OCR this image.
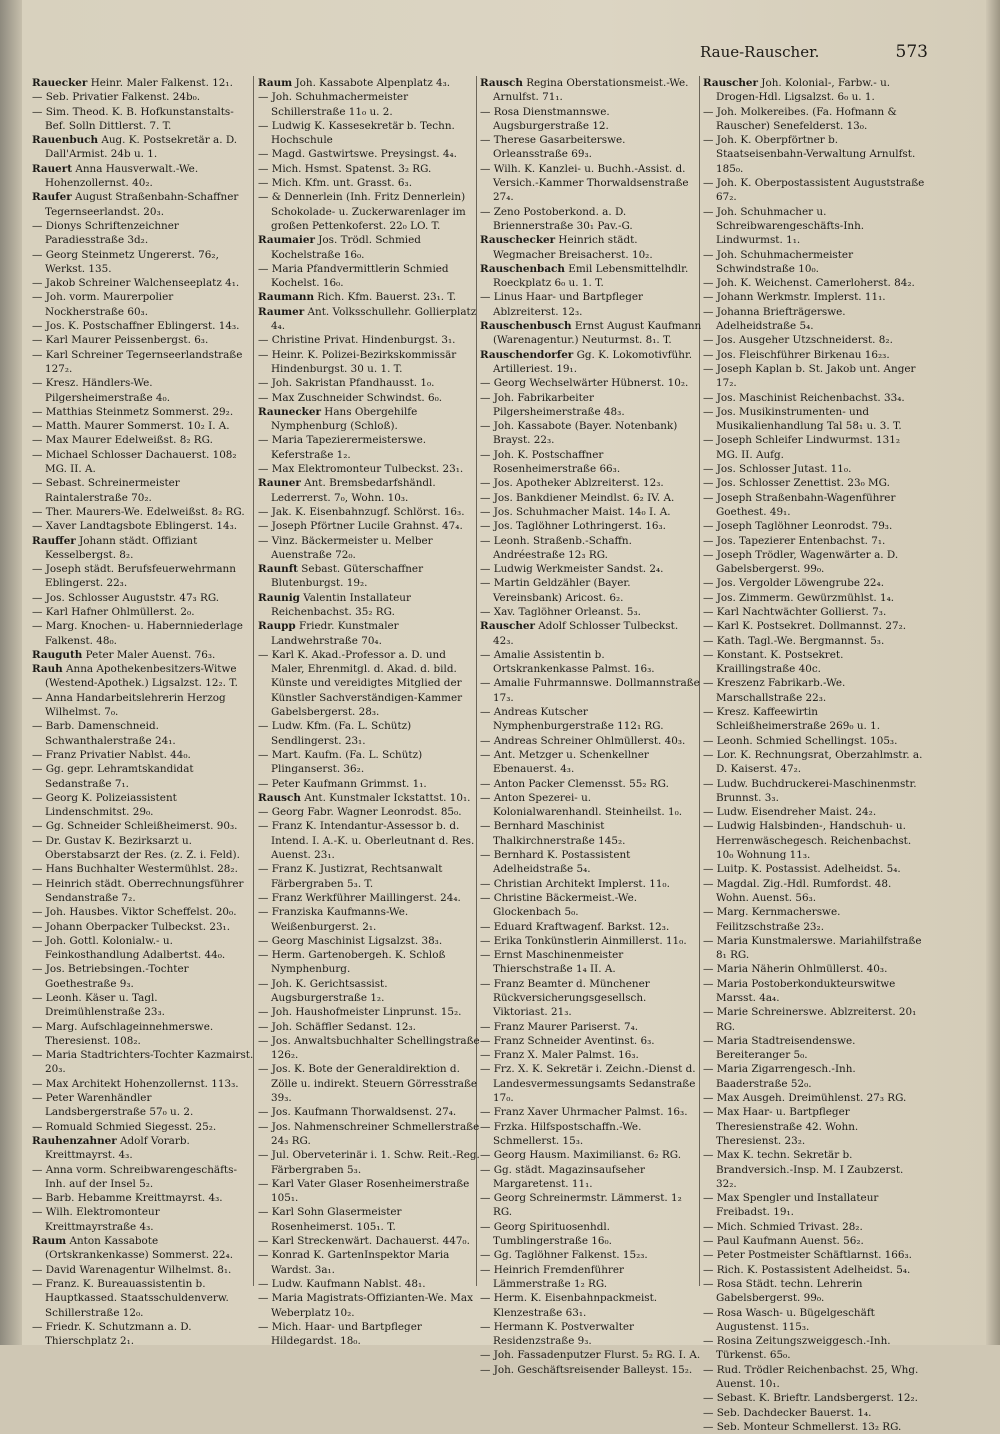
Raue-Rauscher.	573
Rauecker Heinr. Maler Falkenst. 12₁.
— Seb. Privatier Falkenst. 24b₀.
— Sim. Theod. K. B. Hofkunstanstalts-Bef. Solln Dittlerst. 7. T.
Rauenbuch Aug. K. Postsekretär a. D. Dall'Armist. 24b u. 1.
Rauert Anna Hausverwalt.-We. Hohenzollernst. 40₂.
Raufer August Straßenbahn-Schaffner Tegernseerlandst. 20₃.
— Dionys Schriftenzeichner Paradiesstraße 3d₂.
— Georg Steinmetz Ungererst. 76₂, Werkst. 135.
— Jakob Schreiner Walchenseeplatz 4₁.
— Joh. vorm. Maurerpolier Nockherstraße 60₃.
— Jos. K. Postschaffner Eblingerst. 14₃.
— Karl Maurer Peissenbergst. 6₃.
— Karl Schreiner Tegernseerlandstraße 127₂.
— Kresz. Händlers-We. Pilgersheimerstraße 4₀.
— Matthias Steinmetz Sommerst. 29₂.
— Matth. Maurer Sommerst. 10₂ I. A.
— Max Maurer Edelweißst. 8₂ RG.
— Michael Schlosser Dachauerst. 108₂ MG. II. A.
— Sebast. Schreinermeister Raintalerstraße 70₂.
— Ther. Maurers-We. Edelweißst. 8₂ RG.
— Xaver Landtagsbote Eblingerst. 14₃.
Rauffer Johann städt. Offiziant Kesselbergst. 8₂.
— Joseph städt. Berufsfeuerwehrmann Eblingerst. 22₃.
— Jos. Schlosser Auguststr. 47₃ RG.
— Karl Hafner Ohlmüllerst. 2₀.
— Marg. Knochen- u. Habernniederlage Falkenst. 48₀.
Rauguth Peter Maler Auenst. 76₃.
Rauh Anna Apothekenbesitzers-Witwe (Westend-Apothek.) Ligsalzst. 12₂. T.
— Anna Handarbeitslehrerin Herzog Wilhelmst. 7₀.
— Barb. Damenschneid. Schwanthalerstraße 24₁.
— Franz Privatier Nablst. 44₀.
— Gg. gepr. Lehramtskandidat Sedanstraße 7₁.
— Georg K. Polizeiassistent Lindenschmitst. 29₀.
— Gg. Schneider Schleißheimerst. 90₃.
— Dr. Gustav K. Bezirksarzt u. Oberstabsarzt der Res. (z. Z. i. Feld).
— Hans Buchhalter Westermühlst. 28₂.
— Heinrich städt. Oberrechnungsführer Sendanstraße 7₂.
— Joh. Hausbes. Viktor Scheffelst. 20₀.
— Johann Oberpacker Tulbeckst. 23₁.
— Joh. Gottl. Kolonialw.- u. Feinkosthandlung Adalbertst. 44₀.
— Jos. Betriebsingen.-Tochter Goethestraße 9₃.
— Leonh. Käser u. Tagl. Dreimühlenstraße 23₃.
— Marg. Aufschlageinnehmerswe. Theresienst. 108₂.
— Maria Stadtrichters-Tochter Kazmairst. 20₃.
— Max Architekt Hohenzollernst. 113₃.
— Peter Warenhändler Landsbergerstraße 57₀ u. 2.
— Romuald Schmied Siegesst. 25₂.
Rauhenzahner Adolf Vorarb. Kreittmayrst. 4₃.
— Anna vorm. Schreibwarengeschäfts-Inh. auf der Insel 5₂.
— Barb. Hebamme Kreittmayrst. 4₃.
— Wilh. Elektromonteur Kreittmayrstraße 4₃.
Raum Anton Kassabote (Ortskrankenkasse) Sommerst. 22₄.
— David Warenagentur Wilhelmst. 8₁.
— Franz. K. Bureauassistentin b. Hauptkassed. Staatsschuldenverw. Schillerstraße 12₀.
— Friedr. K. Schutzmann a. D. Thierschplatz 2₁.
Raum Joh. Kassabote Alpenplatz 4₃.
— Joh. Schuhmachermeister Schillerstraße 11₀ u. 2.
— Ludwig K. Kassesekretär b. Techn. Hochschule
— Magd. Gastwirtswe. Preysingst. 4₄.
— Mich. Hsmst. Spatenst. 3₂ RG.
— Mich. Kfm. unt. Grasst. 6₃.
— & Dennerlein (Inh. Fritz Dennerlein) Schokolade- u. Zuckerwarenlager im großen Pettenkoferst. 22₀ LO. T.
Raumaier Jos. Trödl. Schmied Kochelstraße 16₀.
— Maria Pfandvermittlerin Schmied Kochelst. 16₀.
Raumann Rich. Kfm. Bauerst. 23₁. T.
Raumer Ant. Volksschullehr. Gollierplatz 4₄.
— Christine Privat. Hindenburgst. 3₁.
— Heinr. K. Polizei-Bezirkskommissär Hindenburgst. 30 u. 1. T.
— Joh. Sakristan Pfandhausst. 1₀.
— Max Zuschneider Schwindst. 6₀.
Raunecker Hans Obergehilfe Nymphenburg (Schloß).
— Maria Tapezierermeisterswe. Keferstraße 1₂.
— Max Elektromonteur Tulbeckst. 23₁.
Rauner Ant. Bremsbedarfshändl. Lederrerst. 7₀, Wohn. 10₃.
— Jak. K. Eisenbahnzugf. Schlörst. 16₃.
— Joseph Pförtner Lucile Grahnst. 47₄.
— Vinz. Bäckermeister u. Melber Auenstraße 72₀.
Raunft Sebast. Güterschaffner Blutenburgst. 19₂.
Raunig Valentin Installateur Reichenbachst. 35₂ RG.
Raupp Friedr. Kunstmaler Landwehrstraße 70₄.
— Karl K. Akad.-Professor a. D. und Maler, Ehrenmitgl. d. Akad. d. bild. Künste und vereidigtes Mitglied der Künstler Sachverständigen-Kammer Gabelsbergerst. 28₃.
— Ludw. Kfm. (Fa. L. Schütz) Sendlingerst. 23₁.
— Mart. Kaufm. (Fa. L. Schütz) Plinganserst. 36₂.
— Peter Kaufmann Grimmst. 1₁.
Rausch Ant. Kunstmaler Ickstattst. 10₁.
— Georg Fabr. Wagner Leonrodst. 85₀.
— Franz K. Intendantur-Assessor b. d. Intend. I. A.-K. u. Oberleutnant d. Res. Auenst. 23₁.
— Franz K. Justizrat, Rechtsanwalt Färbergraben 5₃. T.
— Franz Werkführer Maillingerst. 24₄.
— Franziska Kaufmanns-We. Weißenburgerst. 2₁.
— Georg Maschinist Ligsalzst. 38₃.
— Herm. Gartenobergeh. K. Schloß Nymphenburg.
— Joh. K. Gerichtsassist. Augsburgerstraße 1₂.
— Joh. Haushofmeister Linprunst. 15₂.
— Joh. Schäffler Sedanst. 12₃.
— Jos. Anwaltsbuchhalter Schellingstraße 126₂.
— Jos. K. Bote der Generaldirektion d. Zölle u. indirekt. Steuern Görresstraße 39₃.
— Jos. Kaufmann Thorwaldsenst. 27₄.
— Jos. Nahmenschreiner Schmellerstraße 24₃ RG.
— Jul. Oberveterinär i. 1. Schw. Reit.-Reg. Färbergraben 5₃.
— Karl Vater Glaser Rosenheimerstraße 105₁.
— Karl Sohn Glasermeister Rosenheimerst. 105₁. T.
— Karl Streckenwärt. Dachauerst. 447₀.
— Konrad K. GartenInspektor Maria Wardst. 3a₁.
— Ludw. Kaufmann Nablst. 48₁.
— Maria Magistrats-Offizianten-We. Max Weberplatz 10₂.
— Mich. Haar- und Bartpfleger Hildegardst. 18₀.
Rausch Regina Oberstationsmeist.-We. Arnulfst. 71₁.
— Rosa Dienstmannswe. Augsburgerstraße 12.
— Therese Gasarbeiterswe. Orleansstraße 69₃.
— Wilh. K. Kanzlei- u. Buchh.-Assist. d. Versich.-Kammer Thorwaldsenstraße 27₄.
— Zeno Postoberkond. a. D. Briennerstraße 30₁ Pav.-G.
Rauschecker Heinrich städt. Wegmacher Breisacherst. 10₂.
Rauschenbach Emil Lebensmittelhdlr. Roeckplatz 6₀ u. 1. T.
— Linus Haar- und Bartpfleger Ablzreiterst. 12₃.
Rauschenbusch Ernst August Kaufmann (Warenagentur.) Neuturmst. 8₁. T.
Rauschendorfer Gg. K. Lokomotivführ. Artilleriest. 19₁.
— Georg Wechselwärter Hübnerst. 10₂.
— Joh. Fabrikarbeiter Pilgersheimerstraße 48₃.
— Joh. Kassabote (Bayer. Notenbank) Brayst. 22₃.
— Joh. K. Postschaffner Rosenheimerstraße 66₃.
— Jos. Apotheker Ablzreiterst. 12₃.
— Jos. Bankdiener Meindlst. 6₂ IV. A.
— Jos. Schuhmacher Maist. 14₀ I. A.
— Jos. Taglöhner Lothringerst. 16₃.
— Leonh. Straßenb.-Schaffn. Andréestraße 12₃ RG.
— Ludwig Werkmeister Sandst. 2₄.
— Martin Geldzähler (Bayer. Vereinsbank) Aricost. 6₂.
— Xav. Taglöhner Orleanst. 5₃.
Rauscher Adolf Schlosser Tulbeckst. 42₃.
— Amalie Assistentin b. Ortskrankenkasse Palmst. 16₃.
— Amalie Fuhrmannswe. Dollmannstraße 17₃.
— Andreas Kutscher Nymphenburgerstraße 112₁ RG.
— Andreas Schreiner Ohlmüllerst. 40₃.
— Ant. Metzger u. Schenkellner Ebenauerst. 4₃.
— Anton Packer Clemensst. 55₂ RG.
— Anton Spezerei- u. Kolonialwarenhandl. Steinheilst. 1₀.
— Bernhard Maschinist Thalkirchnerstraße 145₂.
— Bernhard K. Postassistent Adelheidstraße 5₄.
— Christian Architekt Implerst. 11₀.
— Christine Bäckermeist.-We. Glockenbach 5₀.
— Eduard Kraftwagenf. Barkst. 12₃.
— Erika Tonkünstlerin Ainmillerst. 11₀.
— Ernst Maschinenmeister Thierschstraße 1₄ II. A.
— Franz Beamter d. Münchener Rückversicherungsgesellsch. Viktoriast. 21₃.
— Franz Maurer Pariserst. 7₄.
— Franz Schneider Aventinst. 6₃.
— Franz X. Maler Palmst. 16₃.
— Frz. X. K. Sekretär i. Zeichn.-Dienst d. Landesvermessungsamts Sedanstraße 17₀.
— Franz Xaver Uhrmacher Palmst. 16₃.
— Frzka. Hilfspostschaffn.-We. Schmellerst. 15₃.
— Georg Hausm. Maximilianst. 6₂ RG.
— Gg. städt. Magazinsaufseher Margaretenst. 11₁.
— Georg Schreinermstr. Lämmerst. 1₂ RG.
— Georg Spirituosenhdl. Tumblingerstraße 16₀.
— Gg. Taglöhner Falkenst. 15₂₃.
— Heinrich Fremdenführer Lämmerstraße 1₂ RG.
— Herm. K. Eisenbahnpackmeist. Klenzestraße 63₁.
— Hermann K. Postverwalter Residenzstraße 9₃.
— Joh. Fassadenputzer Flurst. 5₂ RG. I. A.
— Joh. Geschäftsreisender Balleyst. 15₂.
Rauscher Joh. Kolonial-, Farbw.- u. Drogen-Hdl. Ligsalzst. 6₀ u. 1.
— Joh. Molkereibes. (Fa. Hofmann & Rauscher) Senefelderst. 13₀.
— Joh. K. Oberpförtner b. Staatseisenbahn-Verwaltung Arnulfst. 185₀.
— Joh. K. Oberpostassistent Auguststraße 67₂.
— Joh. Schuhmacher u. Schreibwarengeschäfts-Inh. Lindwurmst. 1₁.
— Joh. Schuhmachermeister Schwindstraße 10₀.
— Joh. K. Weichenst. Camerloherst. 84₂.
— Johann Werkmstr. Implerst. 11₁.
— Johanna Briefträgerswe. Adelheidstraße 5₄.
— Jos. Ausgeher Utzschneiderst. 8₂.
— Jos. Fleischführer Birkenau 16₂₃.
— Joseph Kaplan b. St. Jakob unt. Anger 17₂.
— Jos. Maschinist Reichenbachst. 33₄.
— Jos. Musikinstrumenten- und Musikalienhandlung Tal 58₁ u. 3. T.
— Joseph Schleifer Lindwurmst. 131₂ MG. II. Aufg.
— Jos. Schlosser Jutast. 11₀.
— Jos. Schlosser Zenettist. 23₀ MG.
— Joseph Straßenbahn-Wagenführer Goethest. 49₁.
— Joseph Taglöhner Leonrodst. 79₃.
— Jos. Tapezierer Entenbachst. 7₁.
— Joseph Trödler, Wagenwärter a. D. Gabelsbergerst. 99₀.
— Jos. Vergolder Löwengrube 22₄.
— Jos. Zimmerm. Gewürzmühlst. 1₄.
— Karl Nachtwächter Gollierst. 7₃.
— Karl K. Postsekret. Dollmannst. 27₂.
— Kath. Tagl.-We. Bergmannst. 5₃.
— Konstant. K. Postsekret. Kraillingstraße 40c.
— Kreszenz Fabrikarb.-We. Marschallstraße 22₃.
— Kresz. Kaffeewirtin Schleißheimerstraße 269₀ u. 1.
— Leonh. Schmied Schellingst. 105₃.
— Lor. K. Rechnungsrat, Oberzahlmstr. a. D. Kaiserst. 47₂.
— Ludw. Buchdruckerei-Maschinenmstr. Brunnst. 3₃.
— Ludw. Eisendreher Maist. 24₂.
— Ludwig Halsbinden-, Handschuh- u. Herrenwäschegesch. Reichenbachst. 10₀ Wohnung 11₃.
— Luitp. K. Postassist. Adelheidst. 5₄.
— Magdal. Zig.-Hdl. Rumfordst. 48. Wohn. Auenst. 56₃.
— Marg. Kernmacherswe. Feilitzschstraße 23₂.
— Maria Kunstmalerswe. Mariahilfstraße 8₁ RG.
— Maria Näherin Ohlmüllerst. 40₃.
— Maria Postoberkondukteurswitwe Marsst. 4a₄.
— Marie Schreinerswe. Ablzreiterst. 20₁ RG.
— Maria Stadtreisendenswe. Bereiteranger 5₀.
— Maria Zigarrengesch.-Inh. Baaderstraße 52₀.
— Max Ausgeh. Dreimühlenst. 27₃ RG.
— Max Haar- u. Bartpfleger Theresienstraße 42. Wohn. Theresienst. 23₂.
— Max K. techn. Sekretär b. Brandversich.-Insp. M. I Zaubzerst. 32₂.
— Max Spengler und Installateur Freibadst. 19₁.
— Mich. Schmied Trivast. 28₂.
— Paul Kaufmann Auenst. 56₂.
— Peter Postmeister Schäftlarnst. 166₃.
— Rich. K. Postassistent Adelheidst. 5₄.
— Rosa Städt. techn. Lehrerin Gabelsbergerst. 99₀.
— Rosa Wasch- u. Bügelgeschäft Augustenst. 115₃.
— Rosina Zeitungszweiggesch.-Inh. Türkenst. 65₀.
— Rud. Trödler Reichenbachst. 25, Whg. Auenst. 10₁.
— Sebast. K. Brieftr. Landsbergerst. 12₂.
— Seb. Dachdecker Bauerst. 1₄.
— Seb. Monteur Schmellerst. 13₂ RG.
